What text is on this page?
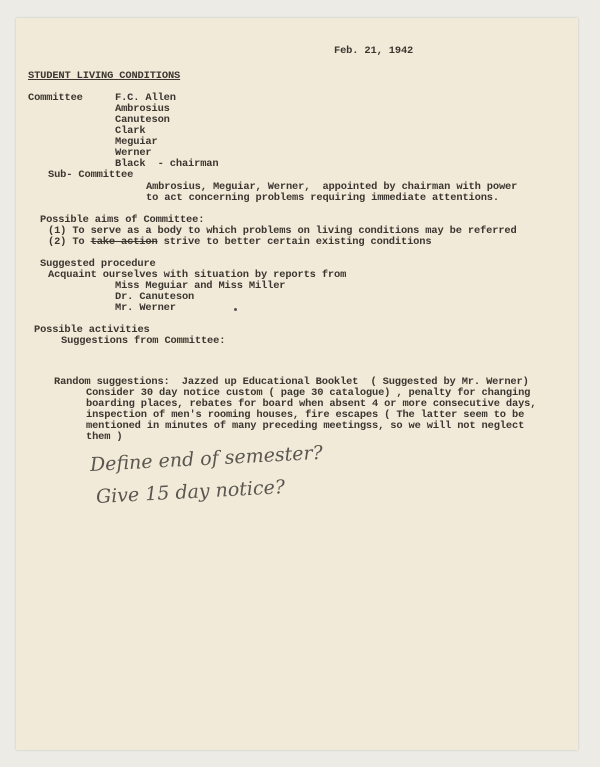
Feb. 21, 1942
STUDENT LIVING CONDITIONS
Committee	F.C. Allen
Ambrosius
Canuteson
Clark
Meguiar
Werner
Black  - chairman
Sub- Committee
Ambrosius, Meguiar, Werner,  appointed by chairman with power
to act concerning problems requiring immediate attentions.
Possible aims of Committee:
(1) To serve as a body to which problems on living conditions may be referred
(2) To take action strive to better certain existing conditions
Suggested procedure
Acquaint ourselves with situation by reports from
Miss Meguiar and Miss Miller
Dr. Canuteson
Mr. Werner
Possible activities
Suggestions from Committee:
Random suggestions:  Jazzed up Educational Booklet  ( Suggested by Mr. Werner)
Consider 30 day notice custom ( page 30 catalogue) , penalty for changing
boarding places, rebates for board when absent 4 or more consecutive days,
inspection of men's rooming houses, fire escapes ( The latter seem to be
mentioned in minutes of many preceding meetingss, so we will not neglect
them )
Define end of semester?
Give 15 day notice?
